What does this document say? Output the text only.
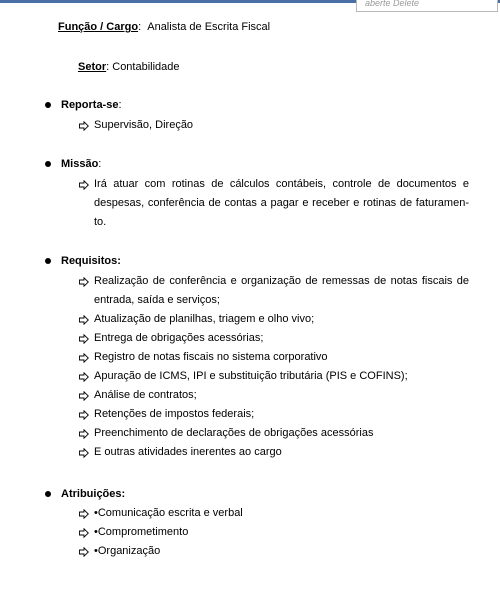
aberte Delete
Função / Cargo:  Analista de Escrita Fiscal
Setor: Contabilidade
Reporta-se:
Supervisão, Direção
Missão:
Irá atuar com rotinas de cálculos contábeis, controle de documentos e
despesas, conferência de contas a pagar e receber e rotinas de faturamen-
to.
Requisitos:
Realização de conferência e organização de remessas de notas fiscais de
entrada, saída e serviços;
Atualização de planilhas, triagem e olho vivo;
Entrega de obrigações acessórias;
Registro de notas fiscais no sistema corporativo
Apuração de ICMS, IPI e substituição tributária (PIS e COFINS);
Análise de contratos;
Retenções de impostos federais;
Preenchimento de declarações de obrigações acessórias
E outras atividades inerentes ao cargo
Atribuições:
•Comunicação escrita e verbal
•Comprometimento
•Organização
